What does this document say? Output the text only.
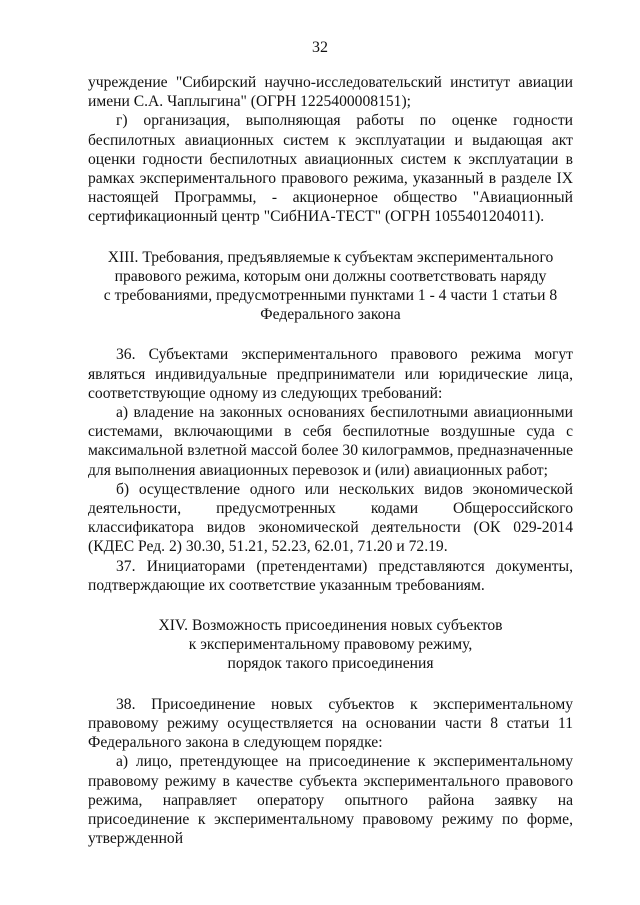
32

учреждение "Сибирский научно-исследовательский институт авиации имени С.А. Чаплыгина" (ОГРН 1225400008151);

г) организация, выполняющая работы по оценке годности беспилотных авиационных систем к эксплуатации и выдающая акт оценки годности беспилотных авиационных систем к эксплуатации в рамках экспериментального правового режима, указанный в разделе IX настоящей Программы, - акционерное общество "Авиационный сертификационный центр "СибНИА-ТЕСТ" (ОГРН 1055401204011).

XIII. Требования, предъявляемые к субъектам экспериментального
правового режима, которым они должны соответствовать наряду
с требованиями, предусмотренными пунктами 1 - 4 части 1 статьи 8
Федерального закона

36. Субъектами экспериментального правового режима могут являться индивидуальные предприниматели или юридические лица, соответствующие одному из следующих требований:

а) владение на законных основаниях беспилотными авиационными системами, включающими в себя беспилотные воздушные суда с максимальной взлетной массой более 30 килограммов, предназначенные для выполнения авиационных перевозок и (или) авиационных работ;

б) осуществление одного или нескольких видов экономической деятельности, предусмотренных кодами Общероссийского классификатора видов экономической деятельности (ОК 029-2014 (КДЕС Ред. 2) 30.30, 51.21, 52.23, 62.01, 71.20 и 72.19.

37. Инициаторами (претендентами) представляются документы, подтверждающие их соответствие указанным требованиям.

XIV. Возможность присоединения новых субъектов
к экспериментальному правовому режиму,
порядок такого присоединения

38. Присоединение новых субъектов к экспериментальному правовому режиму осуществляется на основании части 8 статьи 11 Федерального закона в следующем порядке:

а) лицо, претендующее на присоединение к экспериментальному правовому режиму в качестве субъекта экспериментального правового режима, направляет оператору опытного района заявку на присоединение к экспериментальному правовому режиму по форме, утвержденной
